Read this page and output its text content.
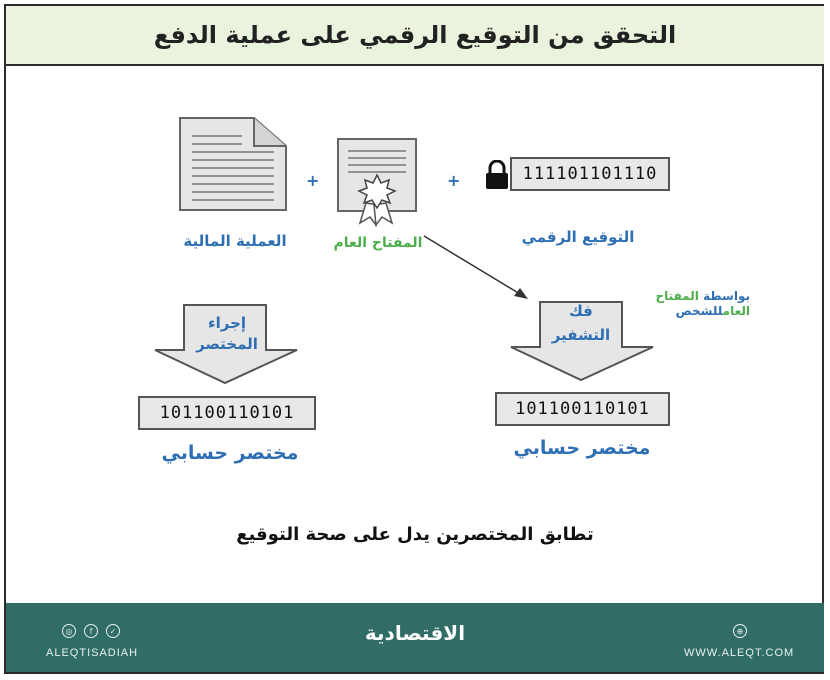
التحقق من التوقيع الرقمي على عملية الدفع
+	+	111101101110
العملية المالية	المفتاح العام	التوقيع الرقمي
إجراء
المختصر
فك
التشفير
بواسطة المفتاح
العامللشخص
101100110101	101100110101
مختصر حسابي	مختصر حسابي
تطابق المختصرين يدل على صحة التوقيع
◎	f	✓
ALEQTISADIAH
الاقتصادية	⊕
WWW.ALEQT.COM
